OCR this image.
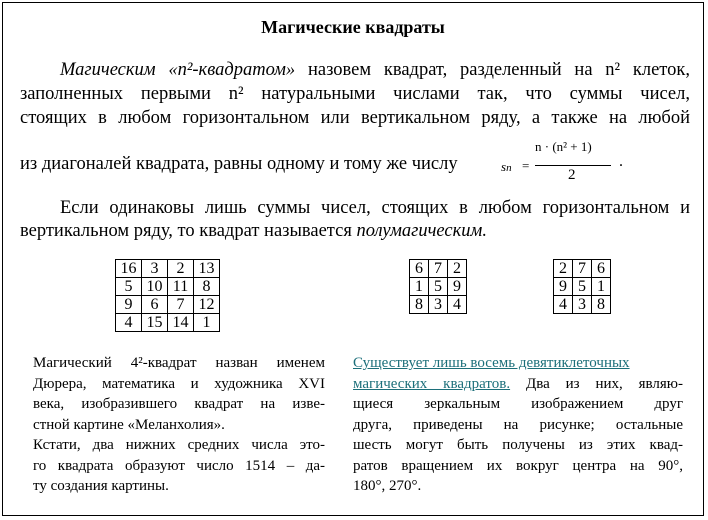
Магические квадраты
Магическим «n²-квадратом» назовем квадрат, разделенный на n² клеток,
заполненных первыми n² натуральными числами так, что суммы чисел,
стоящих в любом горизонтальном или вертикальном ряду, а также на любой
из диагоналей квадрата, равны одному и тому же числу	sn =
n · (n² + 1)
2
.
Если одинаковы лишь суммы чисел, стоящих в любом горизонтальном и
вертикальном ряду, то квадрат называется полумагическим.
16	3	2	13
5	10	11	8
9	6	7	12
4	15	14	1
6	7	2
1	5	9
8	3	4
2	7	6
9	5	1
4	3	8
Магический 4²-квадрат назван именем
Дюрера, математика и художника XVI
века, изобразившего квадрат на изве-
стной картине «Меланхолия».
Кстати, два нижних средних числа это-
го квадрата образуют число 1514 – да-
ту создания картины.
Существует лишь восемь девятиклеточных
магических квадратов. Два из них, являю-
щиеся зеркальным изображением друг
друга, приведены на рисунке; остальные
шесть могут быть получены из этих квад-
ратов вращением их вокруг центра на 90°,
180°, 270°.
